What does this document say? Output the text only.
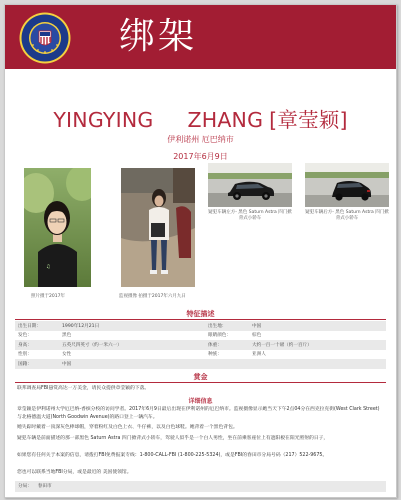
绑架
YINGYING ZHANG [章莹颖]
伊利诺州 厄巴纳市
2017年6月9日
♫
照片摄于2017年	监视摄像 拍摄于2017年六月九日
疑犯车辆左方- 黑色 Saturn Astra 四门掀背式小轿车
疑犯车辆后方- 黑色 Saturn Astra 四门掀背式小轿车
特征描述
出生日期：	1990年12月21日	出生地：	中国
发色：	黑色	眼睛颜色：	棕色
身高：	五英尺四英寸（约一米六一）	体重：	大约一百一十磅（约一百斤）
性别：	女性	种族：	亚洲人
国籍：	中国		
赏金
联邦调查局FBI悬赏高达一万美金，请民众提供章莹颖的下落。
详细信息
章莹颖是伊利诺州大学厄巴纳-香槟分校的访问学者。2017年6月9日最后出现在伊利诺州的厄巴纳市。监视摄像显示她当天下午2点04分在西克拉克街(West Clark Street)与北格德温大道(North Goodwin Avenue)的路口登上一辆汽车。
她失踪时戴着一顶深灰色棒球帽，穿着粉红及白色上衣、牛仔裤，以及白色球鞋。她背着一个黑色背包。
疑犯车辆是前面描述的那一部黑色 Saturn Astra 四门掀背式小轿车，驾驶人似乎是一个白人男性，坐在前乘客座位上有遮阳板在阳光照射的日子，
如果您有任何关于本案的信息，请拨打FBI免费报案专线：1-800-CALL-FBI (1-800-225-5324)，或是FBI的春田市分局号码（217）522-9675。
您也可以联系当地FBI分局，或是最近的 美国使领馆。
分局： 春田市
